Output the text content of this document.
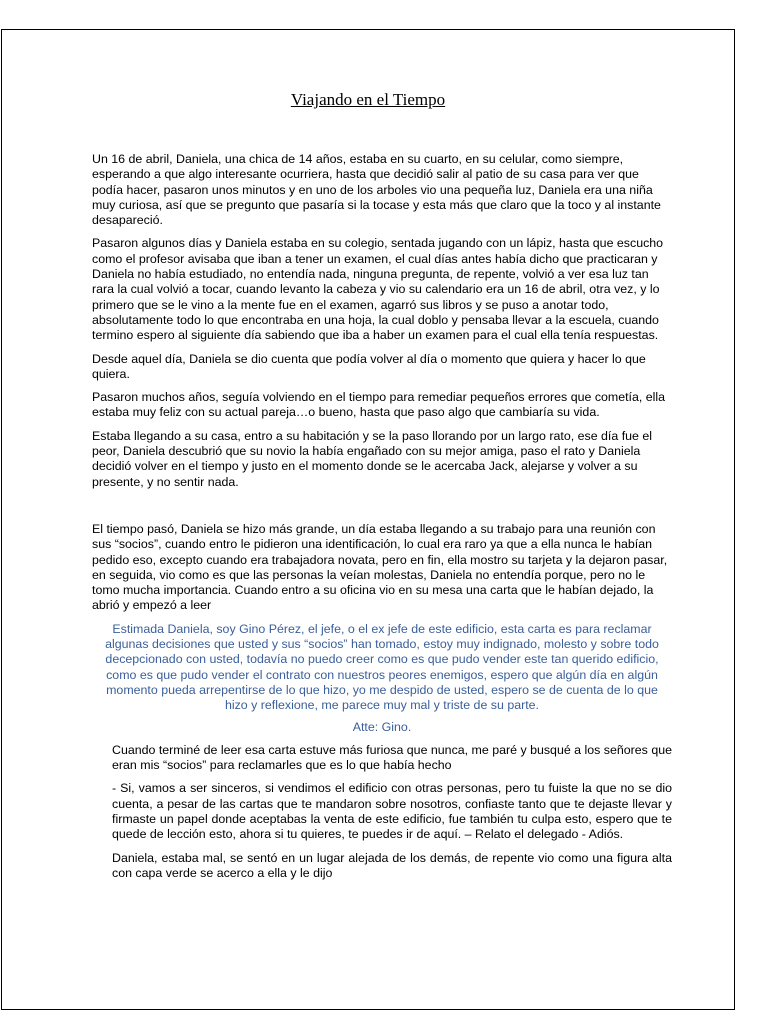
Viajando en el Tiempo

Un 16 de abril, Daniela, una chica de 14 años, estaba en su cuarto, en su celular, como siempre, esperando a que algo interesante ocurriera, hasta que decidió salir al patio de su casa para ver que podía hacer, pasaron unos minutos y en uno de los arboles vio una pequeña luz, Daniela era una niña muy curiosa, así que se pregunto que pasaría si la tocase y esta más que claro que la toco y al instante desapareció.

Pasaron algunos días y Daniela estaba en su colegio, sentada jugando con un lápiz, hasta que escucho como el profesor avisaba que iban a tener un examen, el cual días antes había dicho que practicaran y Daniela no había estudiado, no entendía nada, ninguna pregunta, de repente, volvió a ver esa luz tan rara la cual volvió a tocar, cuando levanto la cabeza y vio su calendario era un 16 de abril, otra vez, y lo primero que se le vino a la mente fue en el examen, agarró sus libros y se puso a anotar todo, absolutamente todo lo que encontraba en una hoja, la cual doblo y pensaba llevar a la escuela, cuando termino espero al siguiente día sabiendo que iba a haber un examen para el cual ella tenía respuestas.

Desde aquel día, Daniela se dio cuenta que podía volver al día o momento que quiera y hacer lo que quiera.

Pasaron muchos años, seguía volviendo en el tiempo para remediar pequeños errores que cometía, ella estaba muy feliz con su actual pareja…o bueno, hasta que paso algo que cambiaría su vida.

Estaba llegando a su casa, entro a su habitación y se la paso llorando por un largo rato, ese día fue el peor, Daniela descubrió que su novio la había engañado con su mejor amiga, paso el rato y Daniela decidió volver en el tiempo y justo en el momento donde se le acercaba Jack, alejarse y volver a su presente, y no sentir nada.

El tiempo pasó, Daniela se hizo más grande, un día estaba llegando a su trabajo para una reunión con sus “socios”, cuando entro le pidieron una identificación, lo cual era raro ya que a ella nunca le habían pedido eso, excepto cuando era trabajadora novata, pero en fin, ella mostro su tarjeta y la dejaron pasar, en seguida, vio como es que las personas la veían molestas, Daniela no entendía porque, pero no le tomo mucha importancia. Cuando entro a su oficina vio en su mesa una carta que le habían dejado, la abrió y empezó a leer

Estimada Daniela, soy Gino Pérez, el jefe, o el ex jefe de este edificio, esta carta es para reclamar algunas decisiones que usted y sus “socios” han tomado, estoy muy indignado, molesto y sobre todo decepcionado con usted, todavía no puedo creer como es que pudo vender este tan querido edificio, como es que pudo vender el contrato con nuestros peores enemigos, espero que algún día en algún momento pueda arrepentirse de lo que hizo, yo me despido de usted, espero se de cuenta de lo que hizo y reflexione, me parece muy mal y triste de su parte.

Atte: Gino.

Cuando terminé de leer esa carta estuve más furiosa que nunca, me paré y busqué a los señores que eran mis “socios” para reclamarles que es lo que había hecho

- Si, vamos a ser sinceros, si vendimos el edificio con otras personas, pero tu fuiste la que no se dio cuenta, a pesar de las cartas que te mandaron sobre nosotros, confiaste tanto que te dejaste llevar y firmaste un papel donde aceptabas la venta de este edificio, fue también tu culpa esto, espero que te quede de lección esto, ahora si tu quieres, te puedes ir de aquí. – Relato el delegado - Adiós.

Daniela, estaba mal, se sentó en un lugar alejada de los demás, de repente vio como una figura alta con capa verde se acerco a ella y le dijo
